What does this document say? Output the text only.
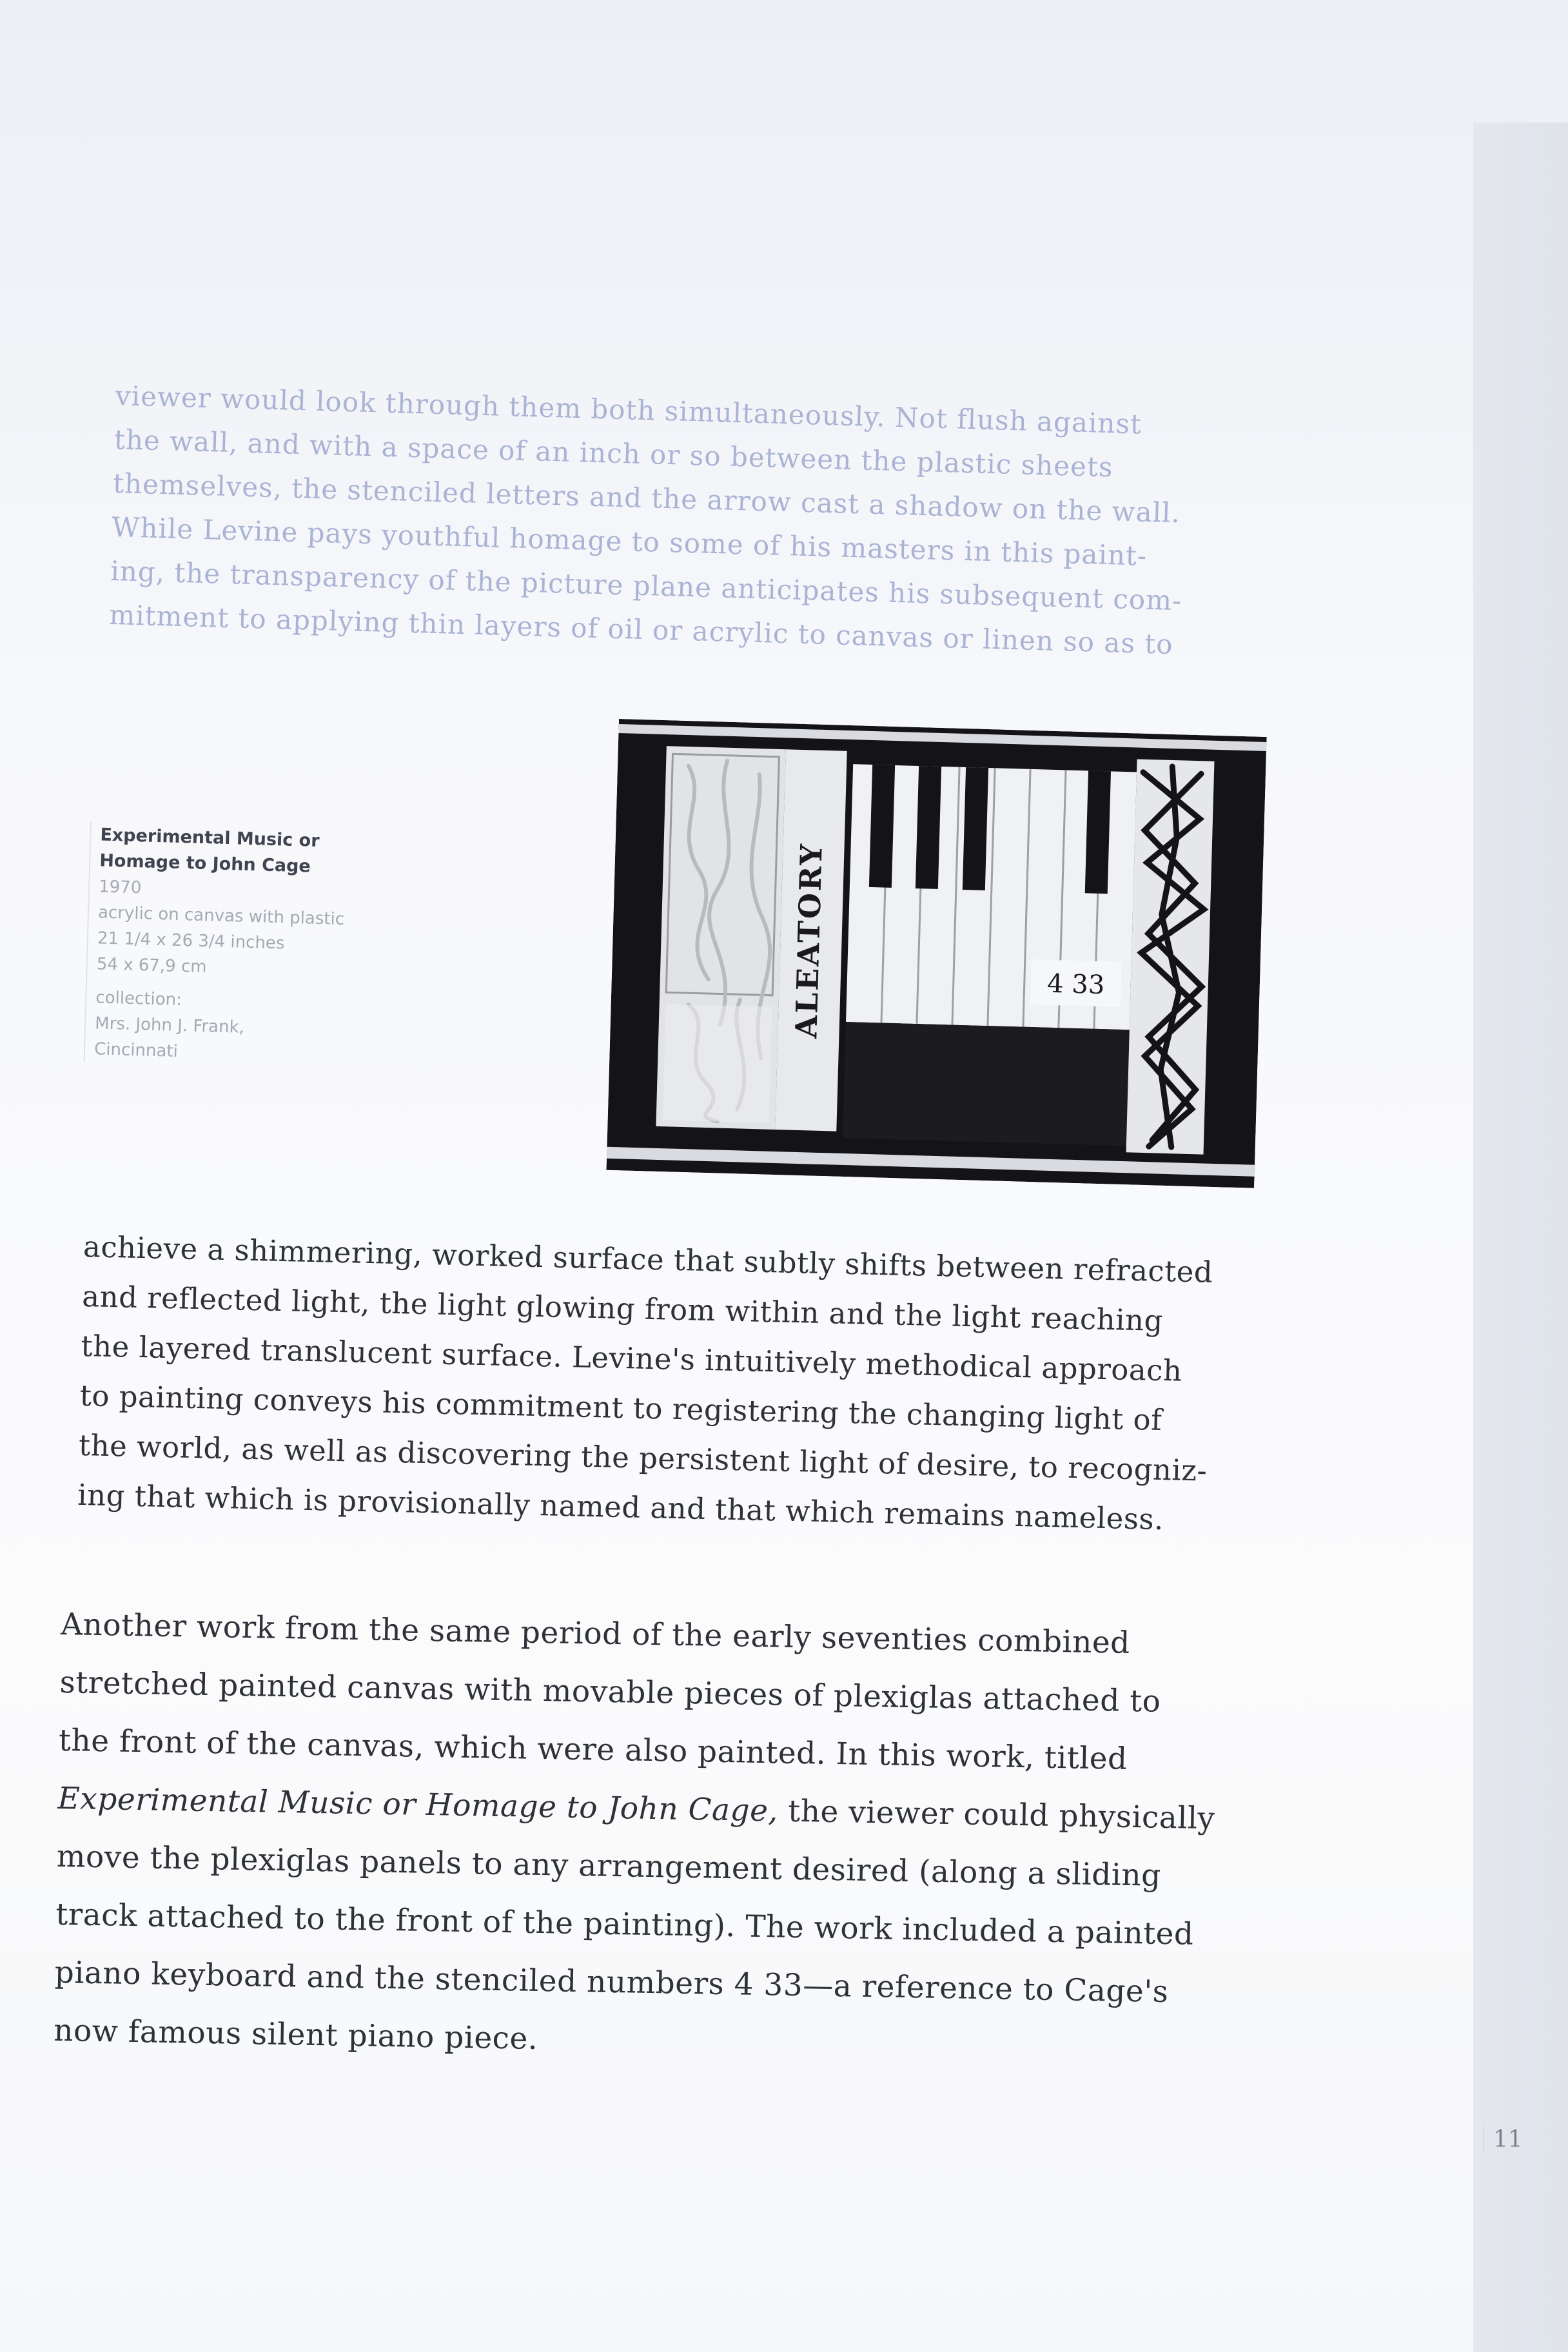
viewer would look through them both simultaneously. Not flush against
the wall, and with a space of an inch or so between the plastic sheets
themselves, the stenciled letters and the arrow cast a shadow on the wall.
While Levine pays youthful homage to some of his masters in this paint-
ing, the transparency of the picture plane anticipates his subsequent com-
mitment to applying thin layers of oil or acrylic to canvas or linen so as to

Experimental Music or
Homage to John Cage
1970
acrylic on canvas with plastic
21 1/4 x 26 3/4 inches
54 x 67,9 cm
collection:
Mrs. John J. Frank,
Cincinnati
ALEATORY	4 33

achieve a shimmering, worked surface that subtly shifts between refracted
and reflected light, the light glowing from within and the light reaching
the layered translucent surface. Levine's intuitively methodical approach
to painting conveys his commitment to registering the changing light of
the world, as well as discovering the persistent light of desire, to recogniz-
ing that which is provisionally named and that which remains nameless.

Another work from the same period of the early seventies combined
stretched painted canvas with movable pieces of plexiglas attached to
the front of the canvas, which were also painted. In this work, titled
Experimental Music or Homage to John Cage, the viewer could physically
move the plexiglas panels to any arrangement desired (along a sliding
track attached to the front of the painting). The work included a painted
piano keyboard and the stenciled numbers 4 33—a reference to Cage's
now famous silent piano piece.

11
